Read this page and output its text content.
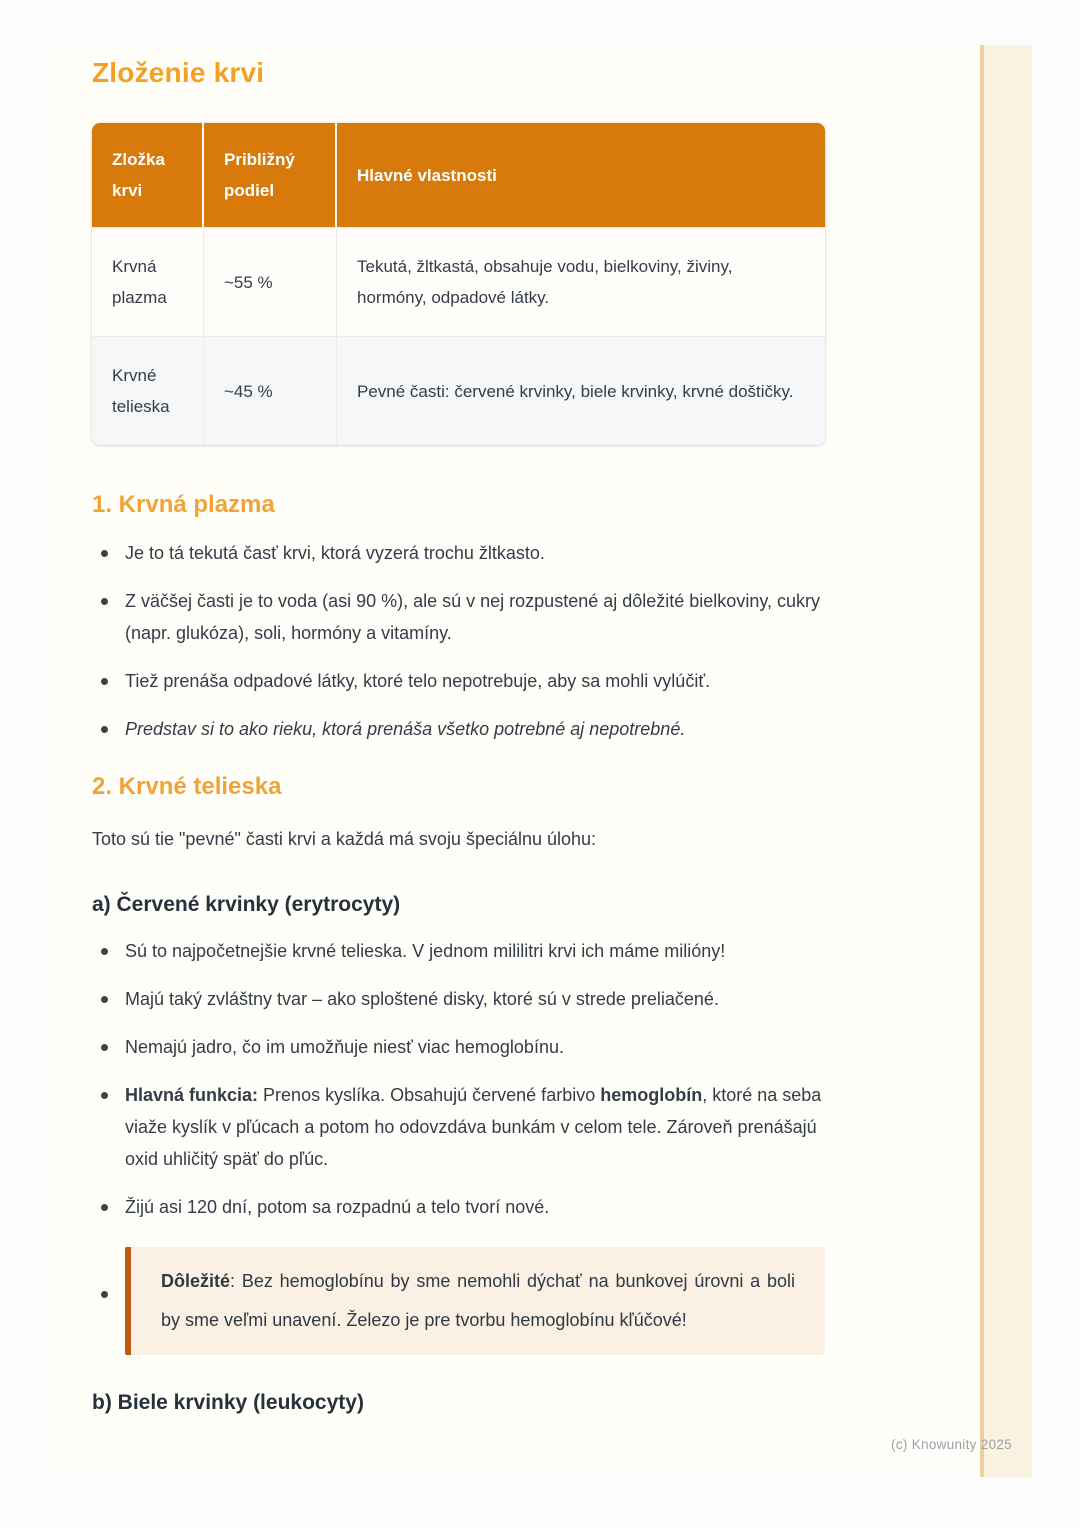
Zloženie krvi
Zložka krvi	Približný podiel	Hlavné vlastnosti
Krvná plazma	~55 %	Tekutá, žltkastá, obsahuje vodu, bielkoviny, živiny, hormóny, odpadové látky.
Krvné telieska	~45 %	Pevné časti: červené krvinky, biele krvinky, krvné doštičky.
1. Krvná plazma
Je to tá tekutá časť krvi, ktorá vyzerá trochu žltkasto.
Z väčšej časti je to voda (asi 90 %), ale sú v nej rozpustené aj dôležité bielkoviny, cukry (napr. glukóza), soli, hormóny a vitamíny.
Tiež prenáša odpadové látky, ktoré telo nepotrebuje, aby sa mohli vylúčiť.
Predstav si to ako rieku, ktorá prenáša všetko potrebné aj nepotrebné.
2. Krvné telieska

Toto sú tie "pevné" časti krvi a každá má svoju špeciálnu úlohu:

a) Červené krvinky (erytrocyty)
Sú to najpočetnejšie krvné telieska. V jednom mililitri krvi ich máme milióny!
Majú taký zvláštny tvar – ako sploštené disky, ktoré sú v strede preliačené.
Nemajú jadro, čo im umožňuje niesť viac hemoglobínu.
Hlavná funkcia: Prenos kyslíka. Obsahujú červené farbivo hemoglobín, ktoré na seba viaže kyslík v pľúcach a potom ho odovzdáva bunkám v celom tele. Zároveň prenášajú oxid uhličitý späť do pľúc.
Žijú asi 120 dní, potom sa rozpadnú a telo tvorí nové.

Dôležité: Bez hemoglobínu by sme nemohli dýchať na bunkovej úrovni a boli by sme veľmi unavení. Železo je pre tvorbu hemoglobínu kľúčové!

b) Biele krvinky (leukocyty)
(c) Knowunity 2025
